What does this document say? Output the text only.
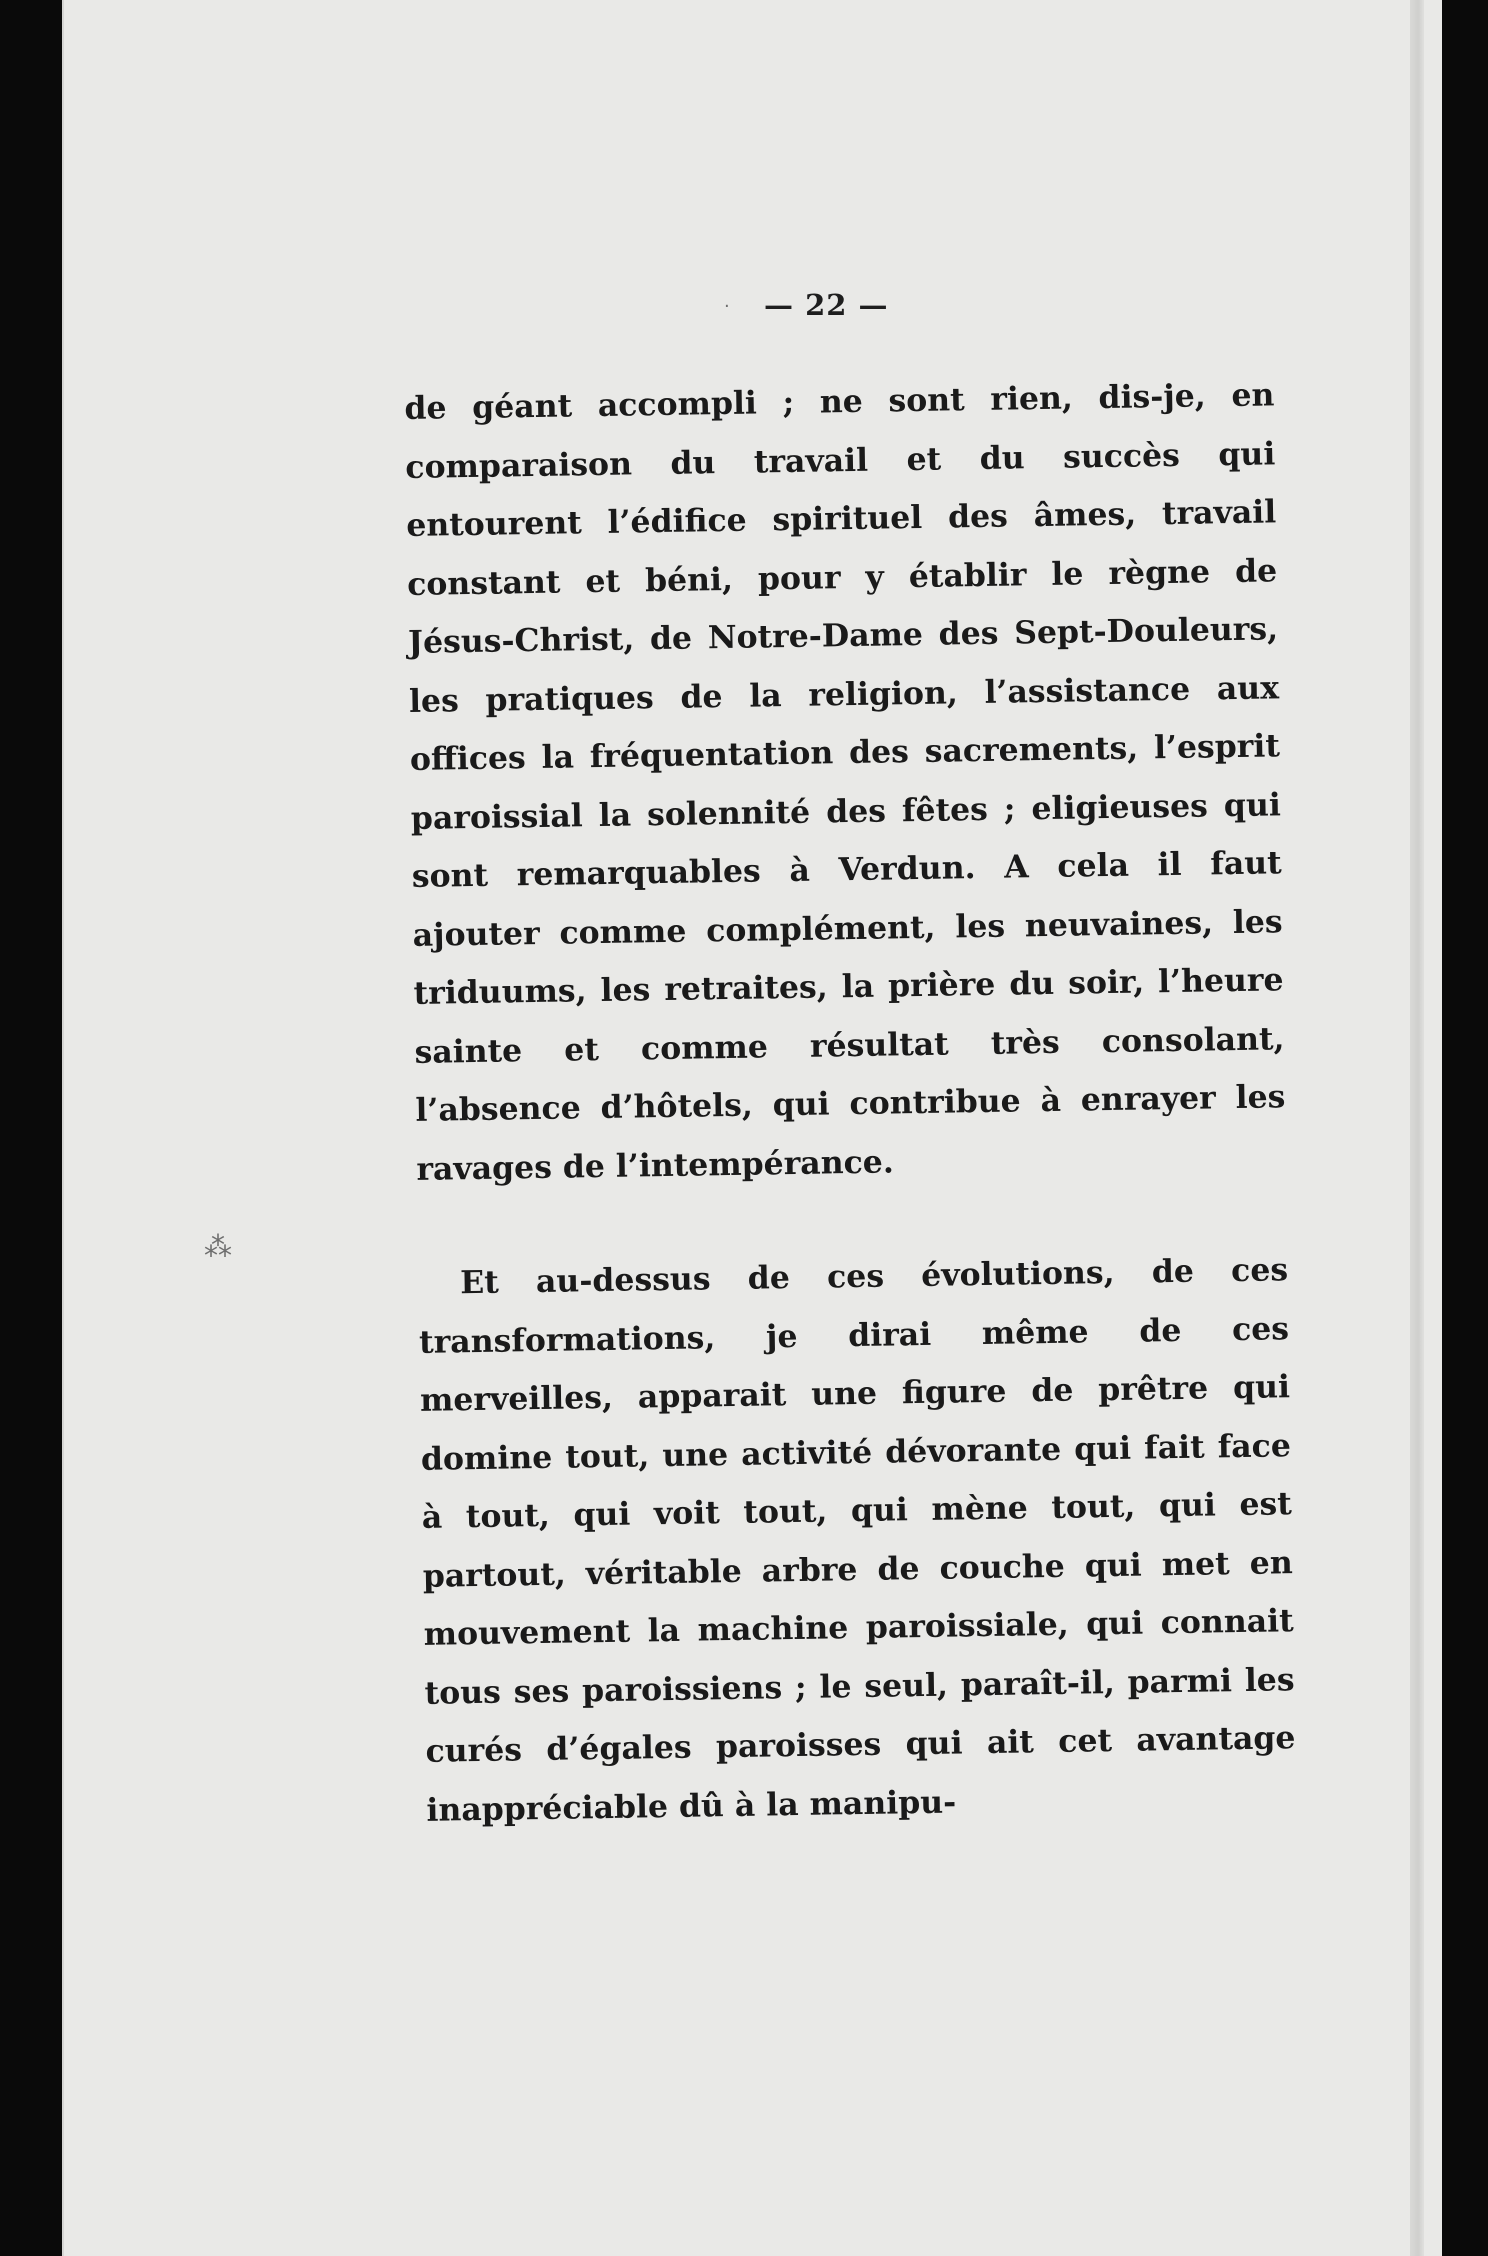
— 22 —

de géant accompli ; ne sont rien, dis-je, en comparaison du travail et du succès qui entourent l’édifice spirituel des âmes, travail constant et béni, pour y établir le règne de Jésus-Christ, de Notre-Dame des Sept-Douleurs, les pratiques de la religion, l’assistance aux offices la fréquentation des sacrements, l’esprit paroissial la solennité des fêtes ; eligieuses qui sont remarquables à Verdun. A cela il faut ajouter comme complément, les neuvaines, les triduums, les retraites, la prière du soir, l’heure sainte et comme résultat très consolant, l’absence d’hôtels, qui contribue à enrayer les ravages de l’intempérance.

Et au-dessus de ces évolutions, de ces transformations, je dirai même de ces merveilles, apparait une figure de prêtre qui domine tout, une activité dévorante qui fait face à tout, qui voit tout, qui mène tout, qui est partout, véritable arbre de couche qui met en mouvement la machine paroissiale, qui connait tous ses paroissiens ; le seul, paraît-il, parmi les curés d’égales paroisses qui ait cet avantage inappréciable dû à la manipu-

⁂
·
